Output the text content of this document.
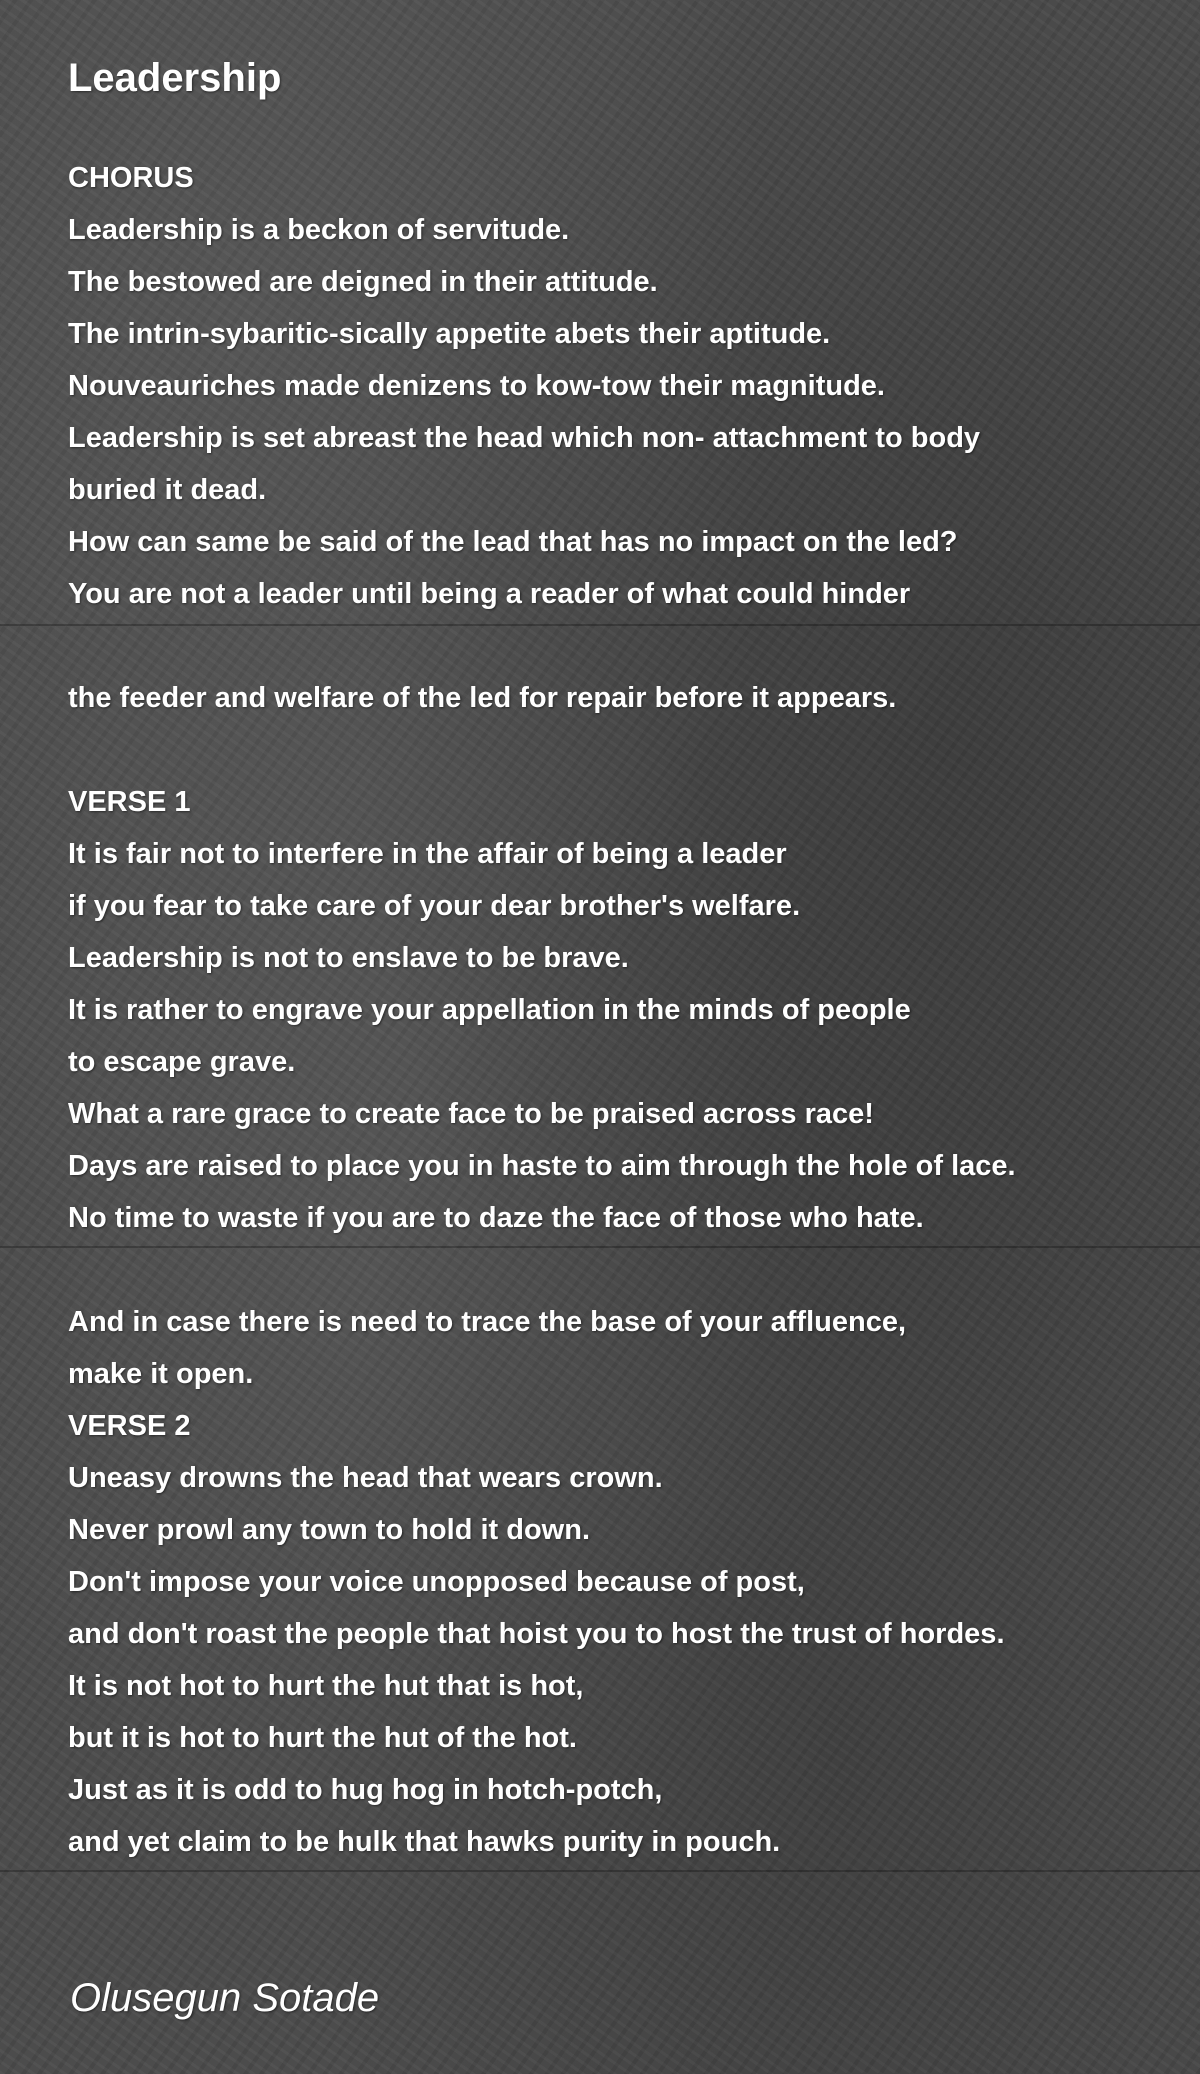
Leadership
CHORUS
Leadership is a beckon of servitude.
The bestowed are deigned in their attitude.
The intrin-sybaritic-sically appetite abets their aptitude.
Nouveauriches made denizens to kow-tow their magnitude.
Leadership is set abreast the head which non- attachment to body
buried it dead.
How can same be said of the lead that has no impact on the led?
You are not a leader until being a reader of what could hinder
the feeder and welfare of the led for repair before it appears.
VERSE 1
It is fair not to interfere in the affair of being a leader
if you fear to take care of your dear brother's welfare.
Leadership is not to enslave to be brave.
It is rather to engrave your appellation in the minds of people
to escape grave.
What a rare grace to create face to be praised across race!
Days are raised to place you in haste to aim through the hole of lace.
No time to waste if you are to daze the face of those who hate.
And in case there is need to trace the base of your affluence,
make it open.
VERSE 2
Uneasy drowns the head that wears crown.
Never prowl any town to hold it down.
Don't impose your voice unopposed because of post,
and don't roast the people that hoist you to host the trust of hordes.
It is not hot to hurt the hut that is hot,
but it is hot to hurt the hut of the hot.
Just as it is odd to hug hog in hotch-potch,
and yet claim to be hulk that hawks purity in pouch.
Olusegun Sotade
